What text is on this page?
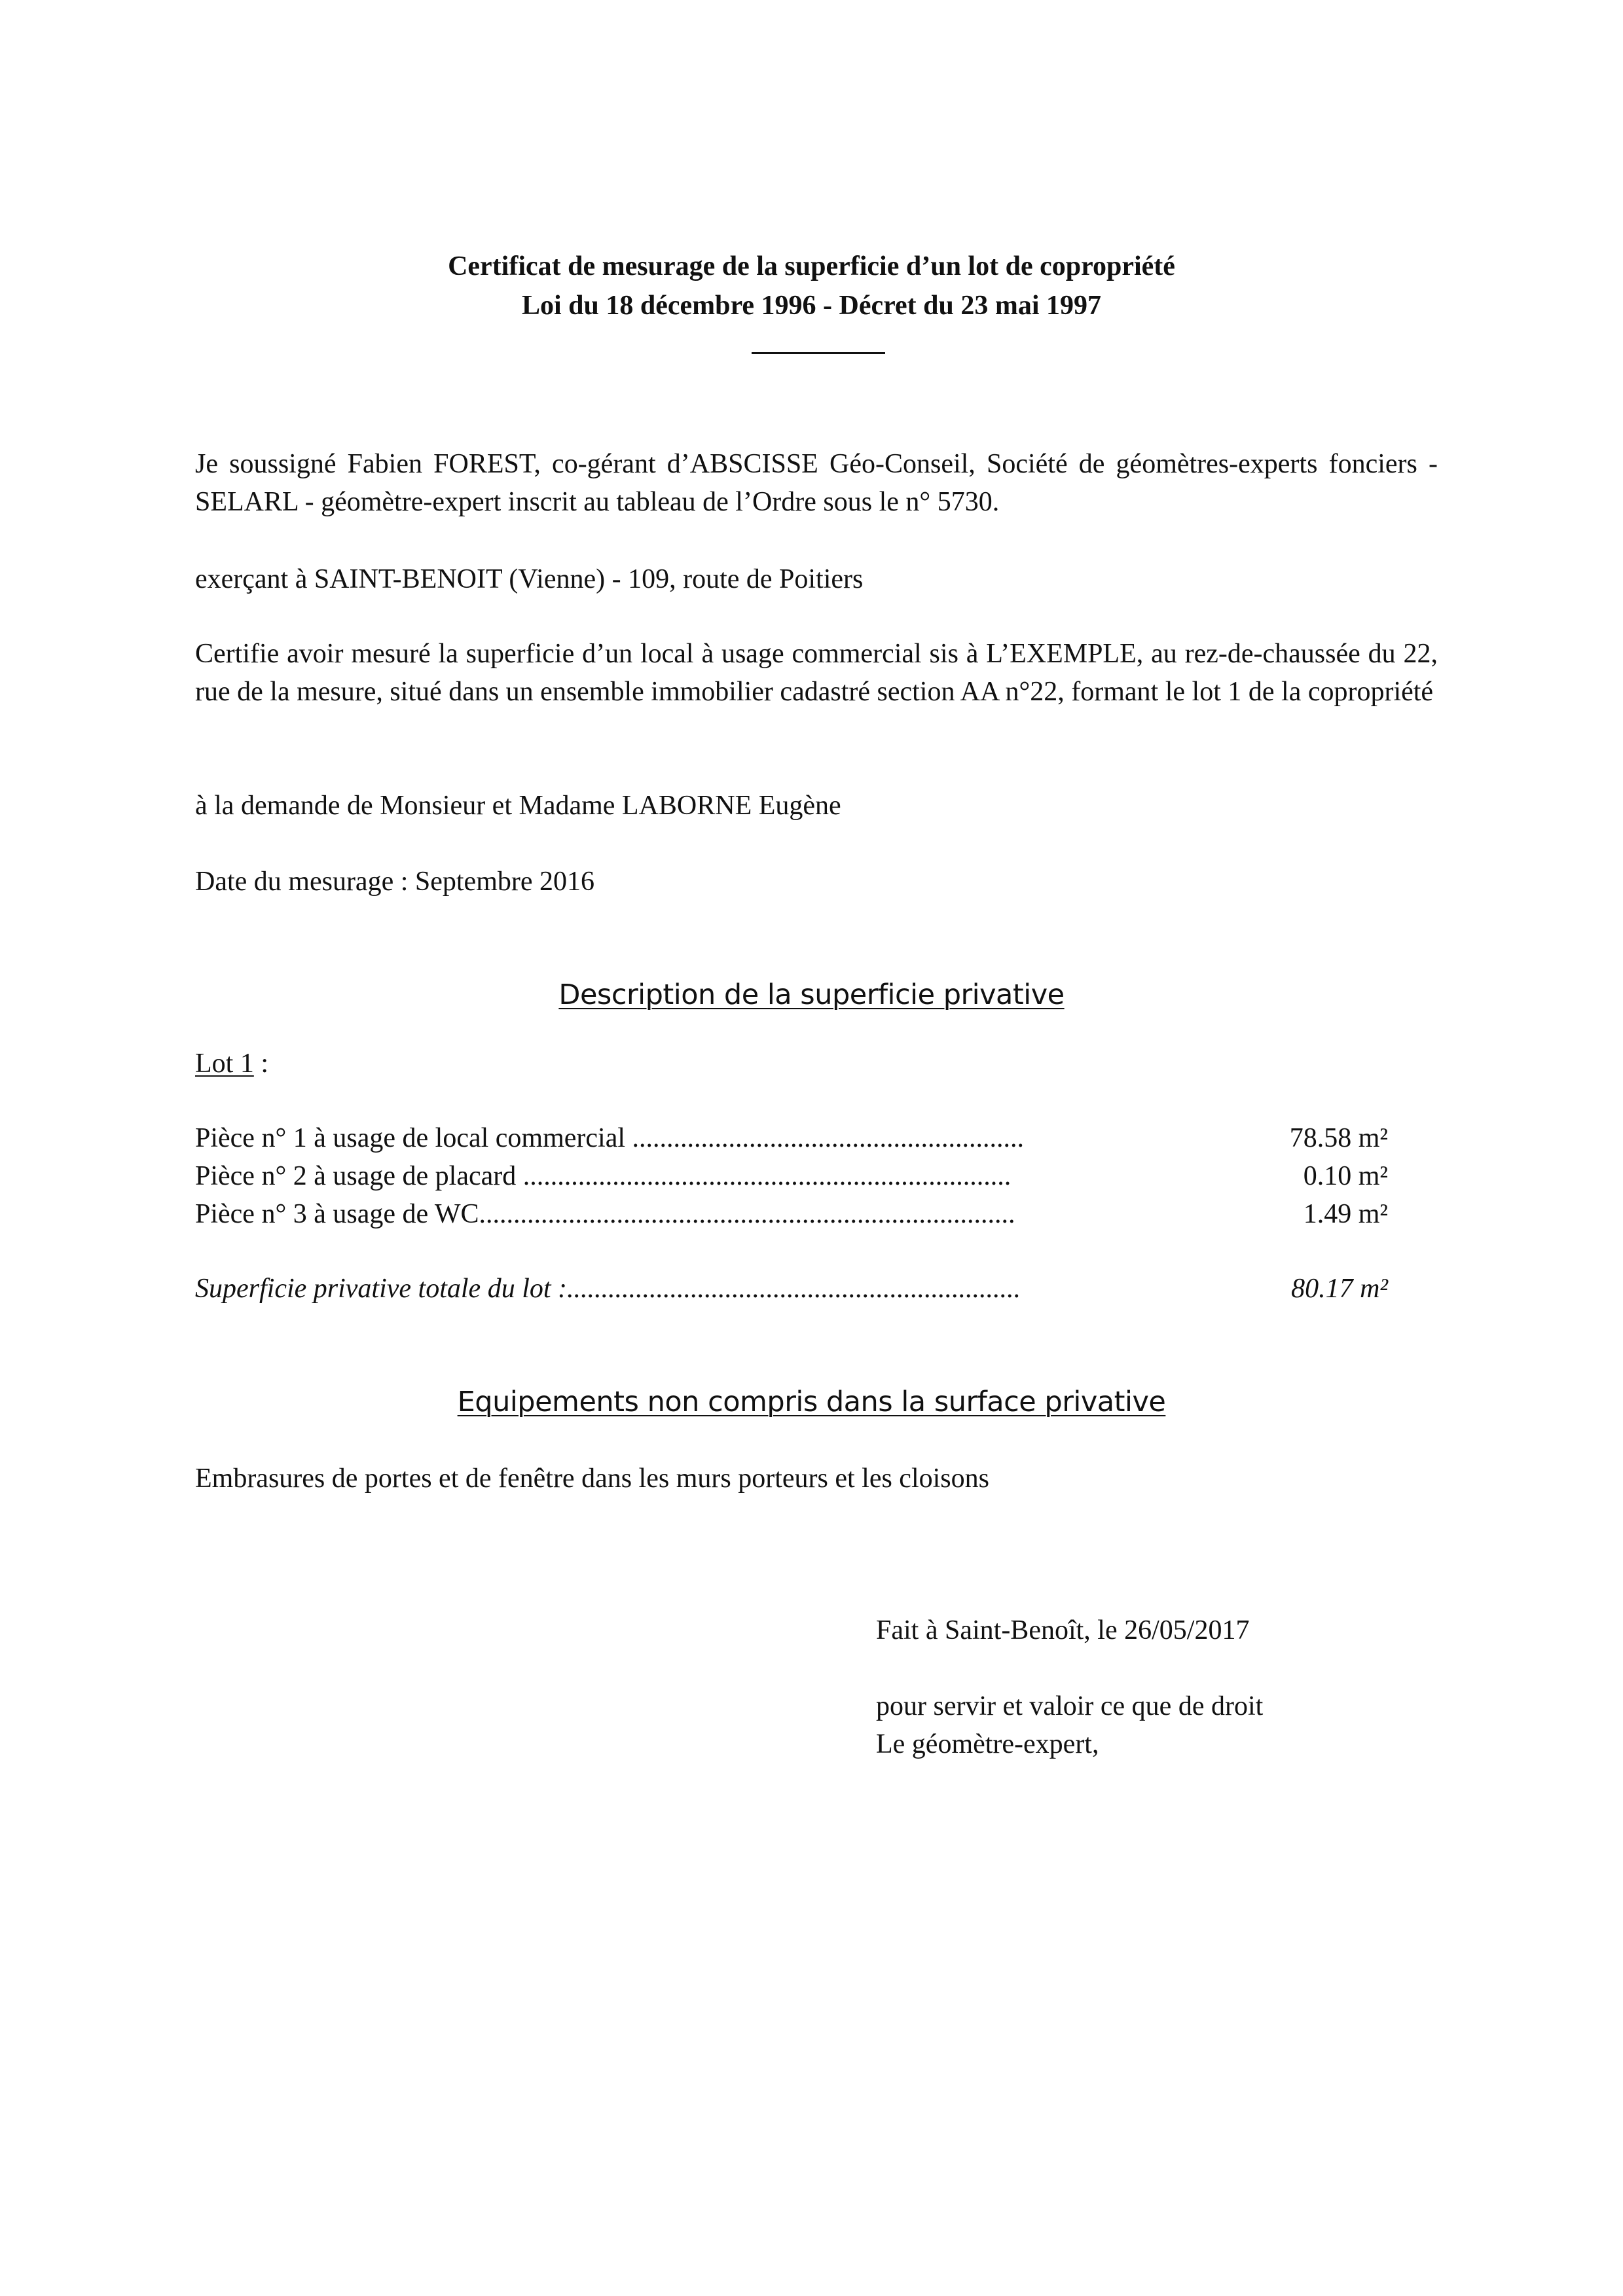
Certificat de mesurage de la superficie d’un lot de copropriété
Loi du 18 décembre 1996 - Décret du 23 mai 1997

Je soussigné Fabien FOREST, co-gérant d’ABSCISSE Géo-Conseil, Société de géomètres-experts fonciers - SELARL - géomètre-expert inscrit au tableau de l’Ordre sous le n° 5730.

exerçant à SAINT-BENOIT (Vienne) - 109, route de Poitiers

Certifie avoir mesuré la superficie d’un local à usage commercial sis à L’EXEMPLE, au rez-de-chaussée du 22, rue de la mesure, situé dans un ensemble immobilier cadastré section AA n°22, formant le lot 1 de la copropriété

à la demande de Monsieur et Madame LABORNE Eugène
Date du mesurage : Septembre 2016
Description de la superficie privative
Lot 1 :
Pièce n° 1 à usage de local commercial .........................................................	78.58 m²
Pièce n° 2 à usage de placard .......................................................................	0.10 m²
Pièce n° 3 à usage de WC..............................................................................	1.49 m²
Superficie privative totale du lot :..................................................................	80.17 m²
Equipements non compris dans la surface privative
Embrasures de portes et de fenêtre dans les murs porteurs et les cloisons
Fait à Saint-Benoît, le 26/05/2017
pour servir et valoir ce que de droit
Le géomètre-expert,
